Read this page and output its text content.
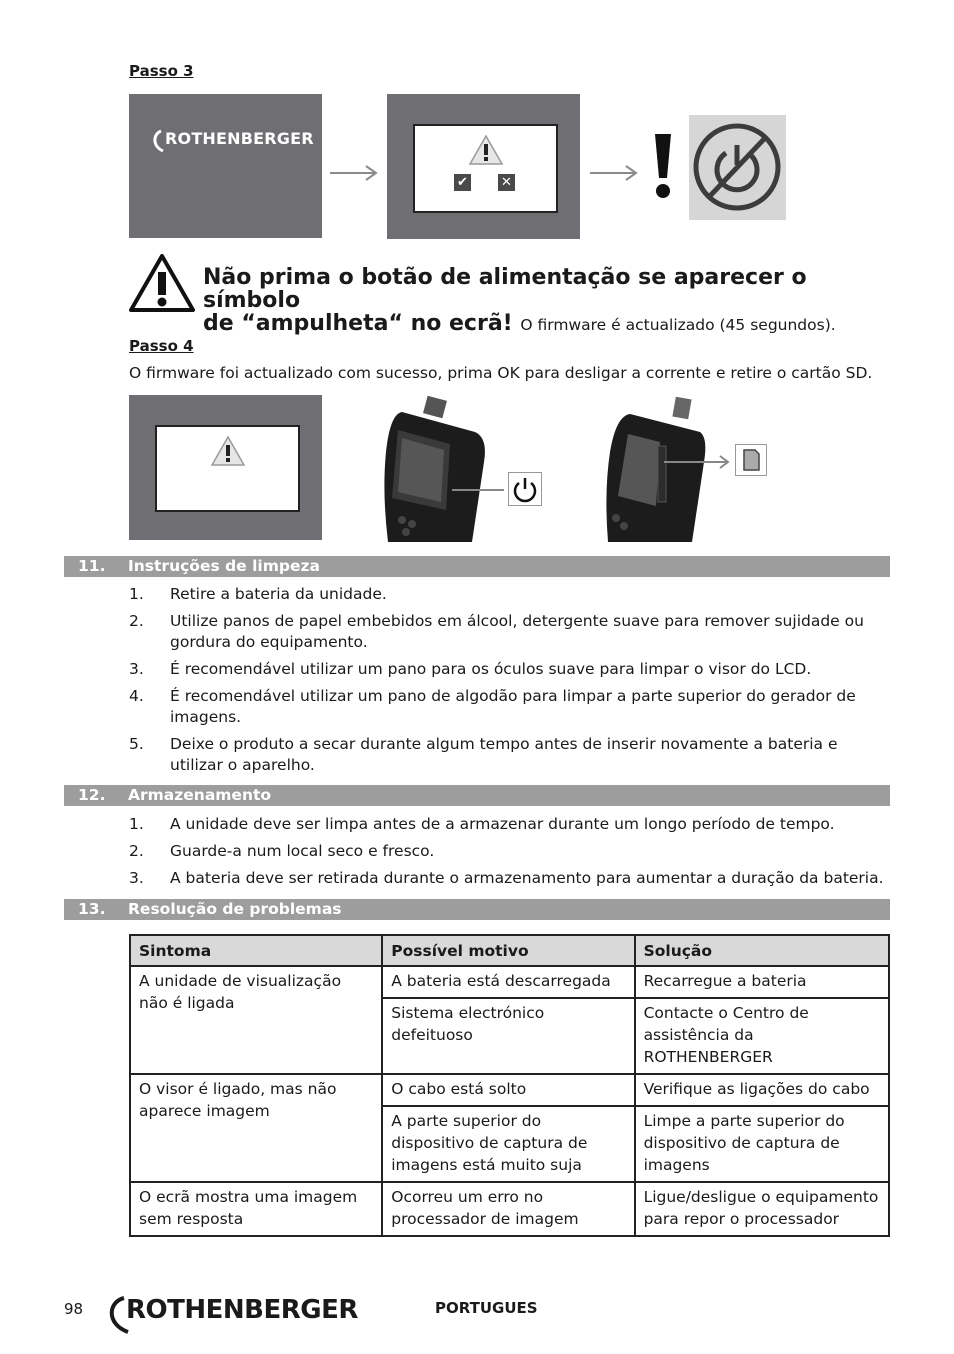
Passo 3
ROTHENBERGER
✔	✕
Não prima o botão de alimentação se aparecer o símbolo
de “ampulheta“ no ecrã! O firmware é actualizado (45 segundos).
Passo 4
O firmware foi actualizado com sucesso, prima OK para desligar a corrente e retire o cartão SD.
11. Instruções de limpeza
1. Retire a bateria da unidade.
2. Utilize panos de papel embebidos em álcool, detergente suave para remover sujidade ou gordura do equipamento.
3. É recomendável utilizar um pano para os óculos suave para limpar o visor do LCD.
4. É recomendável utilizar um pano de algodão para limpar a parte superior do gerador de imagens.
5. Deixe o produto a secar durante algum tempo antes de inserir novamente a bateria e utilizar o aparelho.
12. Armazenamento
1. A unidade deve ser limpa antes de a armazenar durante um longo período de tempo.
2. Guarde-a num local seco e fresco.
3. A bateria deve ser retirada durante o armazenamento para aumentar a duração da bateria.
13. Resolução de problemas
Sintoma	Possível motivo	Solução
A unidade de visualização não é ligada	A bateria está descarregada	Recarregue a bateria
	Sistema electrónico defeituoso	Contacte o Centro de assistência da ROTHENBERGER
O visor é ligado, mas não aparece imagem	O cabo está solto	Verifique as ligações do cabo
	A parte superior do dispositivo de captura de imagens está muito suja	Limpe a parte superior do dispositivo de captura de imagens
O ecrã mostra uma imagem sem resposta	Ocorreu um erro no processador de imagem	Ligue/desligue o equipamento para repor o processador
98 ROTHENBERGER	PORTUGUES
